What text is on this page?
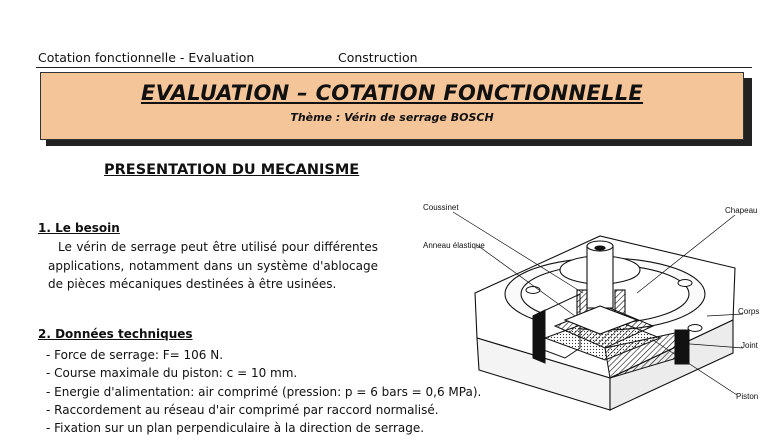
Cotation fonctionnelle - Evaluation	Construction
EVALUATION – COTATION FONCTIONNELLE
Thème : Vérin de serrage BOSCH
PRESENTATION DU MECANISME
1. Le besoin
Le vérin de serrage peut être utilisé pour différentes applications, notamment dans un système d'ablocage de pièces mécaniques destinées à être usinées.
2. Données techniques
- Force de serrage: F= 106 N.
- Course maximale du piston: c = 10 mm.
- Energie d'alimentation: air comprimé (pression: p = 6 bars = 0,6 MPa).
- Raccordement au réseau d'air comprimé par raccord normalisé.
- Fixation sur un plan perpendiculaire à la direction de serrage.
Coussinet	Chapeau
Anneau élastique
Corps
Joint
Piston
